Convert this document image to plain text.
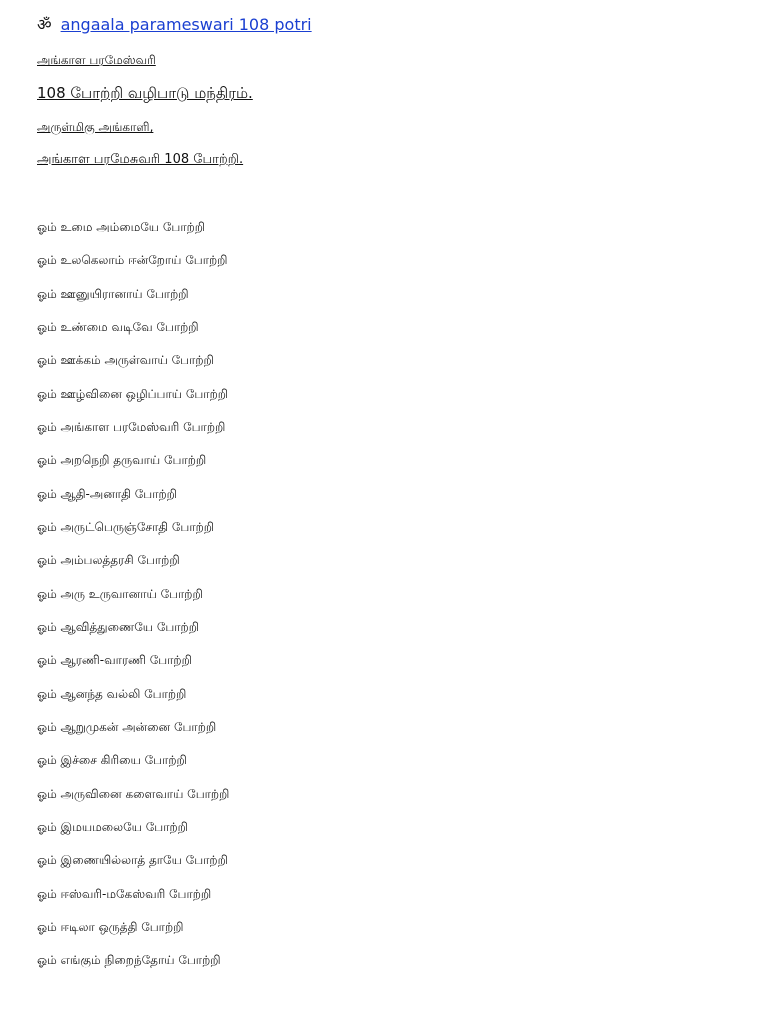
ॐ angaala parameswari 108 potri
அங்காள பரமேஸ்வரி
108 போற்றி வழிபாடு மந்திரம்.
அருள்மிகு அங்காளி,
அங்காள பரமேசுவரி 108 போற்றி.
ஓம் உமை அம்மையே போற்றி
ஓம் உலகெலாம் ஈன்றோய் போற்றி
ஓம் ஊனுயிரானாய் போற்றி
ஓம் உண்மை வடிவே போற்றி
ஓம் ஊக்கம் அருள்வாய் போற்றி
ஓம் ஊழ்வினை ஒழிப்பாய் போற்றி
ஓம் அங்காள பரமேஸ்வரி போற்றி
ஓம் அறநெறி தருவாய் போற்றி
ஓம் ஆதி-அனாதி போற்றி
ஓம் அருட்பெருஞ்சோதி போற்றி
ஓம் அம்பலத்தரசி போற்றி
ஓம் அரு உருவானாய் போற்றி
ஓம் ஆவித்துணையே போற்றி
ஓம் ஆரணி-வாரணி போற்றி
ஓம் ஆனந்த வல்லி போற்றி
ஓம் ஆறுமுகன் அன்னை போற்றி
ஓம் இச்சை கிரியை போற்றி
ஓம் அருவினை களைவாய் போற்றி
ஓம் இமயமலையே போற்றி
ஓம் இணையில்லாத் தாயே போற்றி
ஓம் ஈஸ்வரி-மகேஸ்வரி போற்றி
ஓம் ஈடிலா ஒருத்தி போற்றி
ஓம் எங்கும் நிறைந்தோய் போற்றி
